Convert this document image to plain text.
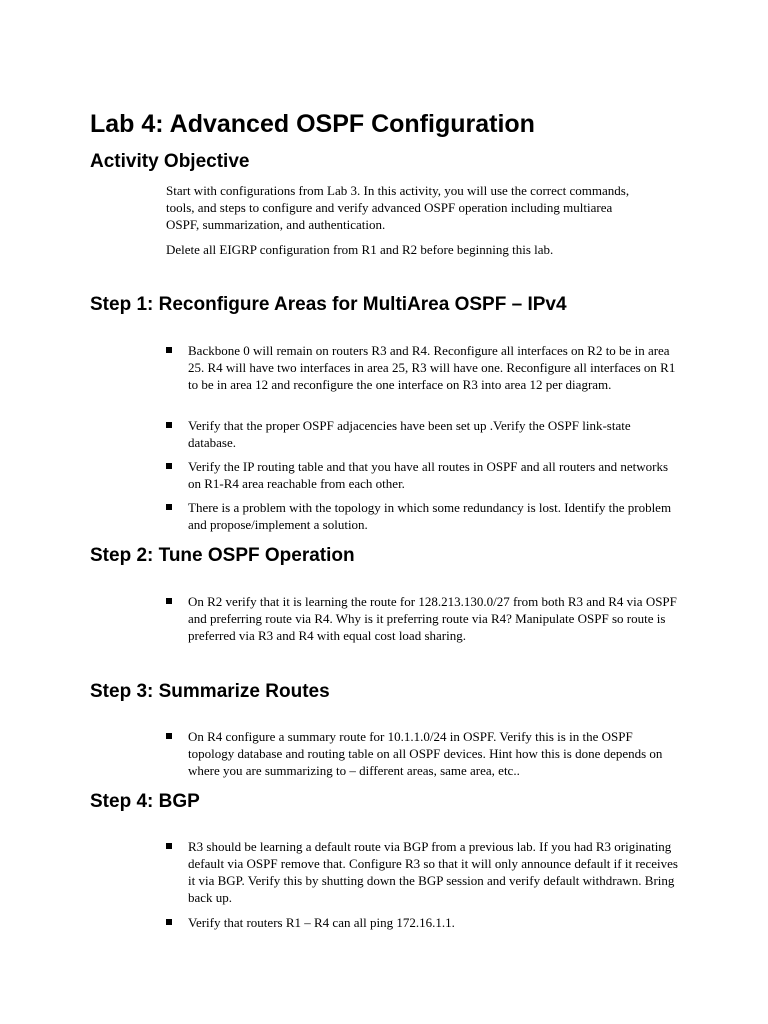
Lab 4: Advanced OSPF Configuration
Activity Objective

Start with configurations from Lab 3. In this activity, you will use the correct commands, tools, and steps to configure and verify advanced OSPF operation including multiarea OSPF, summarization, and authentication.

Delete all EIGRP configuration from R1 and R2 before beginning this lab.

Step 1: Reconfigure Areas for MultiArea OSPF – IPv4
Backbone 0 will remain on routers R3 and R4. Reconfigure all interfaces on R2 to be in area 25. R4 will have two interfaces in area 25, R3 will have one. Reconfigure all interfaces on R1 to be in area 12 and reconfigure the one interface on R3 into area 12 per diagram.
Verify that the proper OSPF adjacencies have been set up .Verify the OSPF link-state database.
Verify the IP routing table and that you have all routes in OSPF and all routers and networks on R1-R4 area reachable from each other.
There is a problem with the topology in which some redundancy is lost. Identify the problem and propose/implement a solution.
Step 2: Tune OSPF Operation
On R2 verify that it is learning the route for 128.213.130.0/27 from both R3 and R4 via OSPF and preferring route via R4. Why is it preferring route via R4? Manipulate OSPF so route is preferred via R3 and R4 with equal cost load sharing.
Step 3: Summarize Routes
On R4 configure a summary route for 10.1.1.0/24 in OSPF. Verify this is in the OSPF topology database and routing table on all OSPF devices. Hint how this is done depends on where you are summarizing to – different areas, same area, etc..
Step 4: BGP
R3 should be learning a default route via BGP from a previous lab. If you had R3 originating default via OSPF remove that. Configure R3 so that it will only announce default if it receives it via BGP. Verify this by shutting down the BGP session and verify default withdrawn. Bring back up.
Verify that routers R1 – R4 can all ping 172.16.1.1.
